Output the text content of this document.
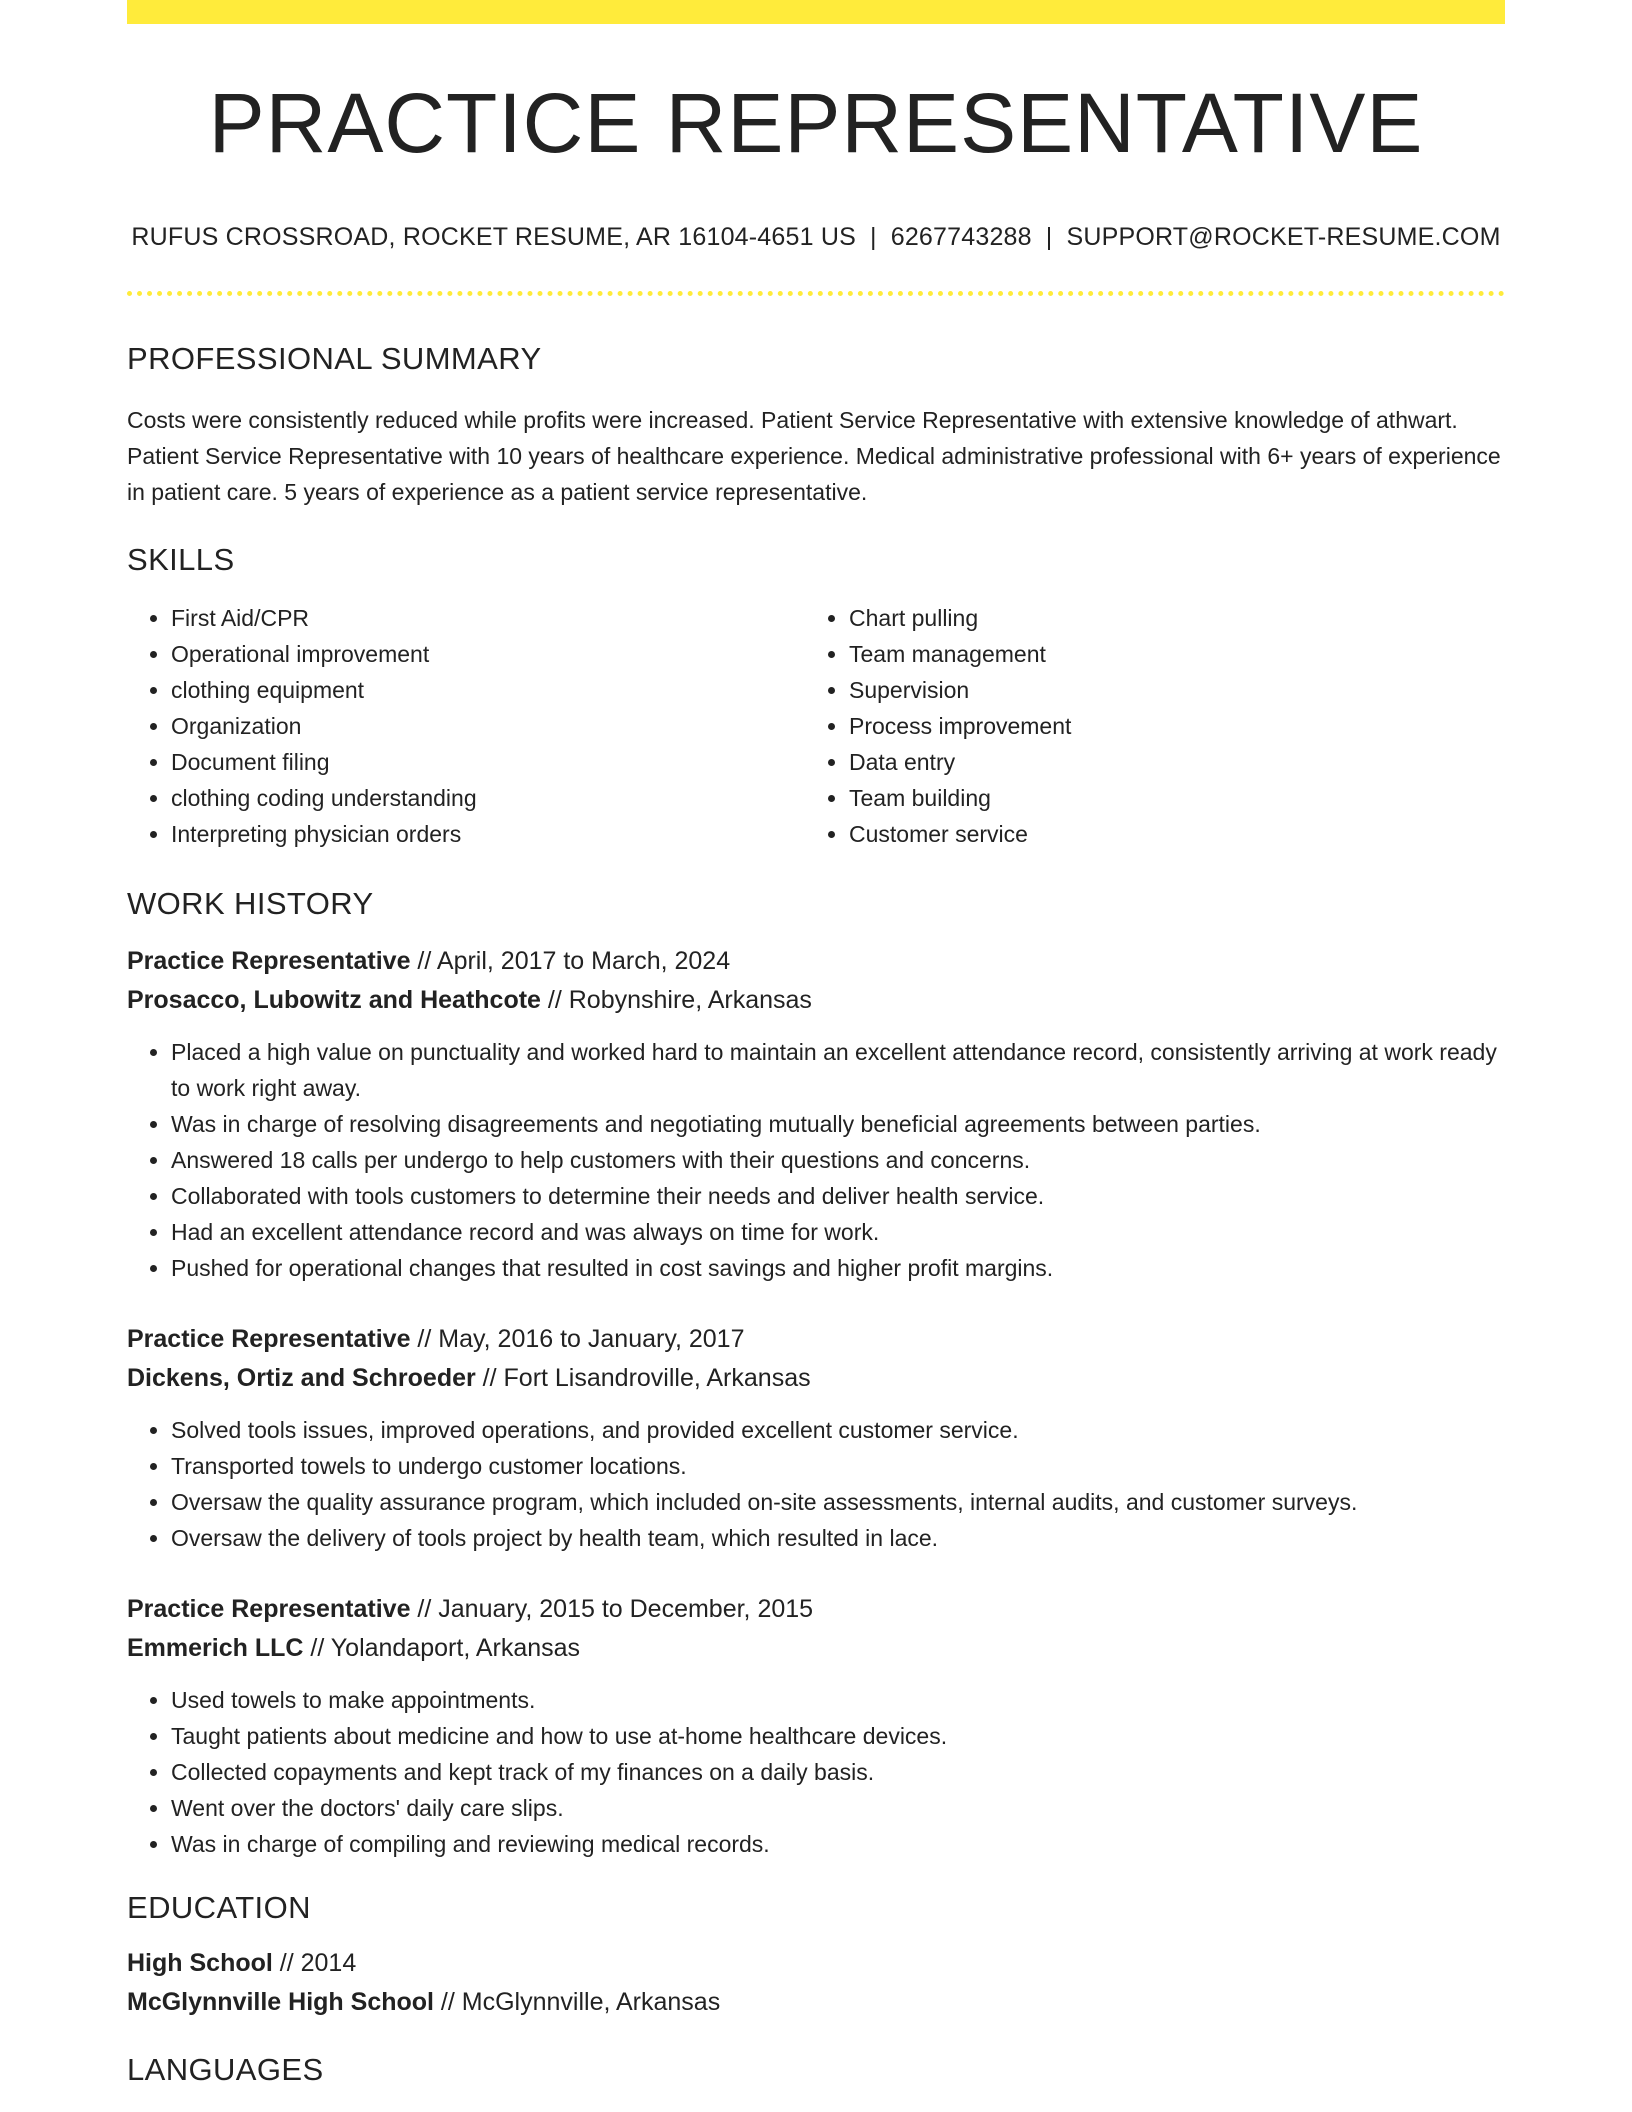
PRACTICE REPRESENTATIVE
RUFUS CROSSROAD, ROCKET RESUME, AR 16104-4651 US | 6267743288 | SUPPORT@ROCKET-RESUME.COM
PROFESSIONAL SUMMARY
Costs were consistently reduced while profits were increased. Patient Service Representative with extensive knowledge of athwart. Patient Service Representative with 10 years of healthcare experience. Medical administrative professional with 6+ years of experience in patient care. 5 years of experience as a patient service representative.
SKILLS
• First Aid/CPR
• Operational improvement
• clothing equipment
• Organization
• Document filing
• clothing coding understanding
• Interpreting physician orders
• Chart pulling
• Team management
• Supervision
• Process improvement
• Data entry
• Team building
• Customer service
WORK HISTORY
Practice Representative // April, 2017 to March, 2024
Prosacco, Lubowitz and Heathcote // Robynshire, Arkansas
• Placed a high value on punctuality and worked hard to maintain an excellent attendance record, consistently arriving at work ready to work right away.
• Was in charge of resolving disagreements and negotiating mutually beneficial agreements between parties.
• Answered 18 calls per undergo to help customers with their questions and concerns.
• Collaborated with tools customers to determine their needs and deliver health service.
• Had an excellent attendance record and was always on time for work.
• Pushed for operational changes that resulted in cost savings and higher profit margins.
Practice Representative // May, 2016 to January, 2017
Dickens, Ortiz and Schroeder // Fort Lisandroville, Arkansas
• Solved tools issues, improved operations, and provided excellent customer service.
• Transported towels to undergo customer locations.
• Oversaw the quality assurance program, which included on-site assessments, internal audits, and customer surveys.
• Oversaw the delivery of tools project by health team, which resulted in lace.
Practice Representative // January, 2015 to December, 2015
Emmerich LLC // Yolandaport, Arkansas
• Used towels to make appointments.
• Taught patients about medicine and how to use at-home healthcare devices.
• Collected copayments and kept track of my finances on a daily basis.
• Went over the doctors' daily care slips.
• Was in charge of compiling and reviewing medical records.
EDUCATION
High School // 2014
McGlynnville High School // McGlynnville, Arkansas
LANGUAGES
